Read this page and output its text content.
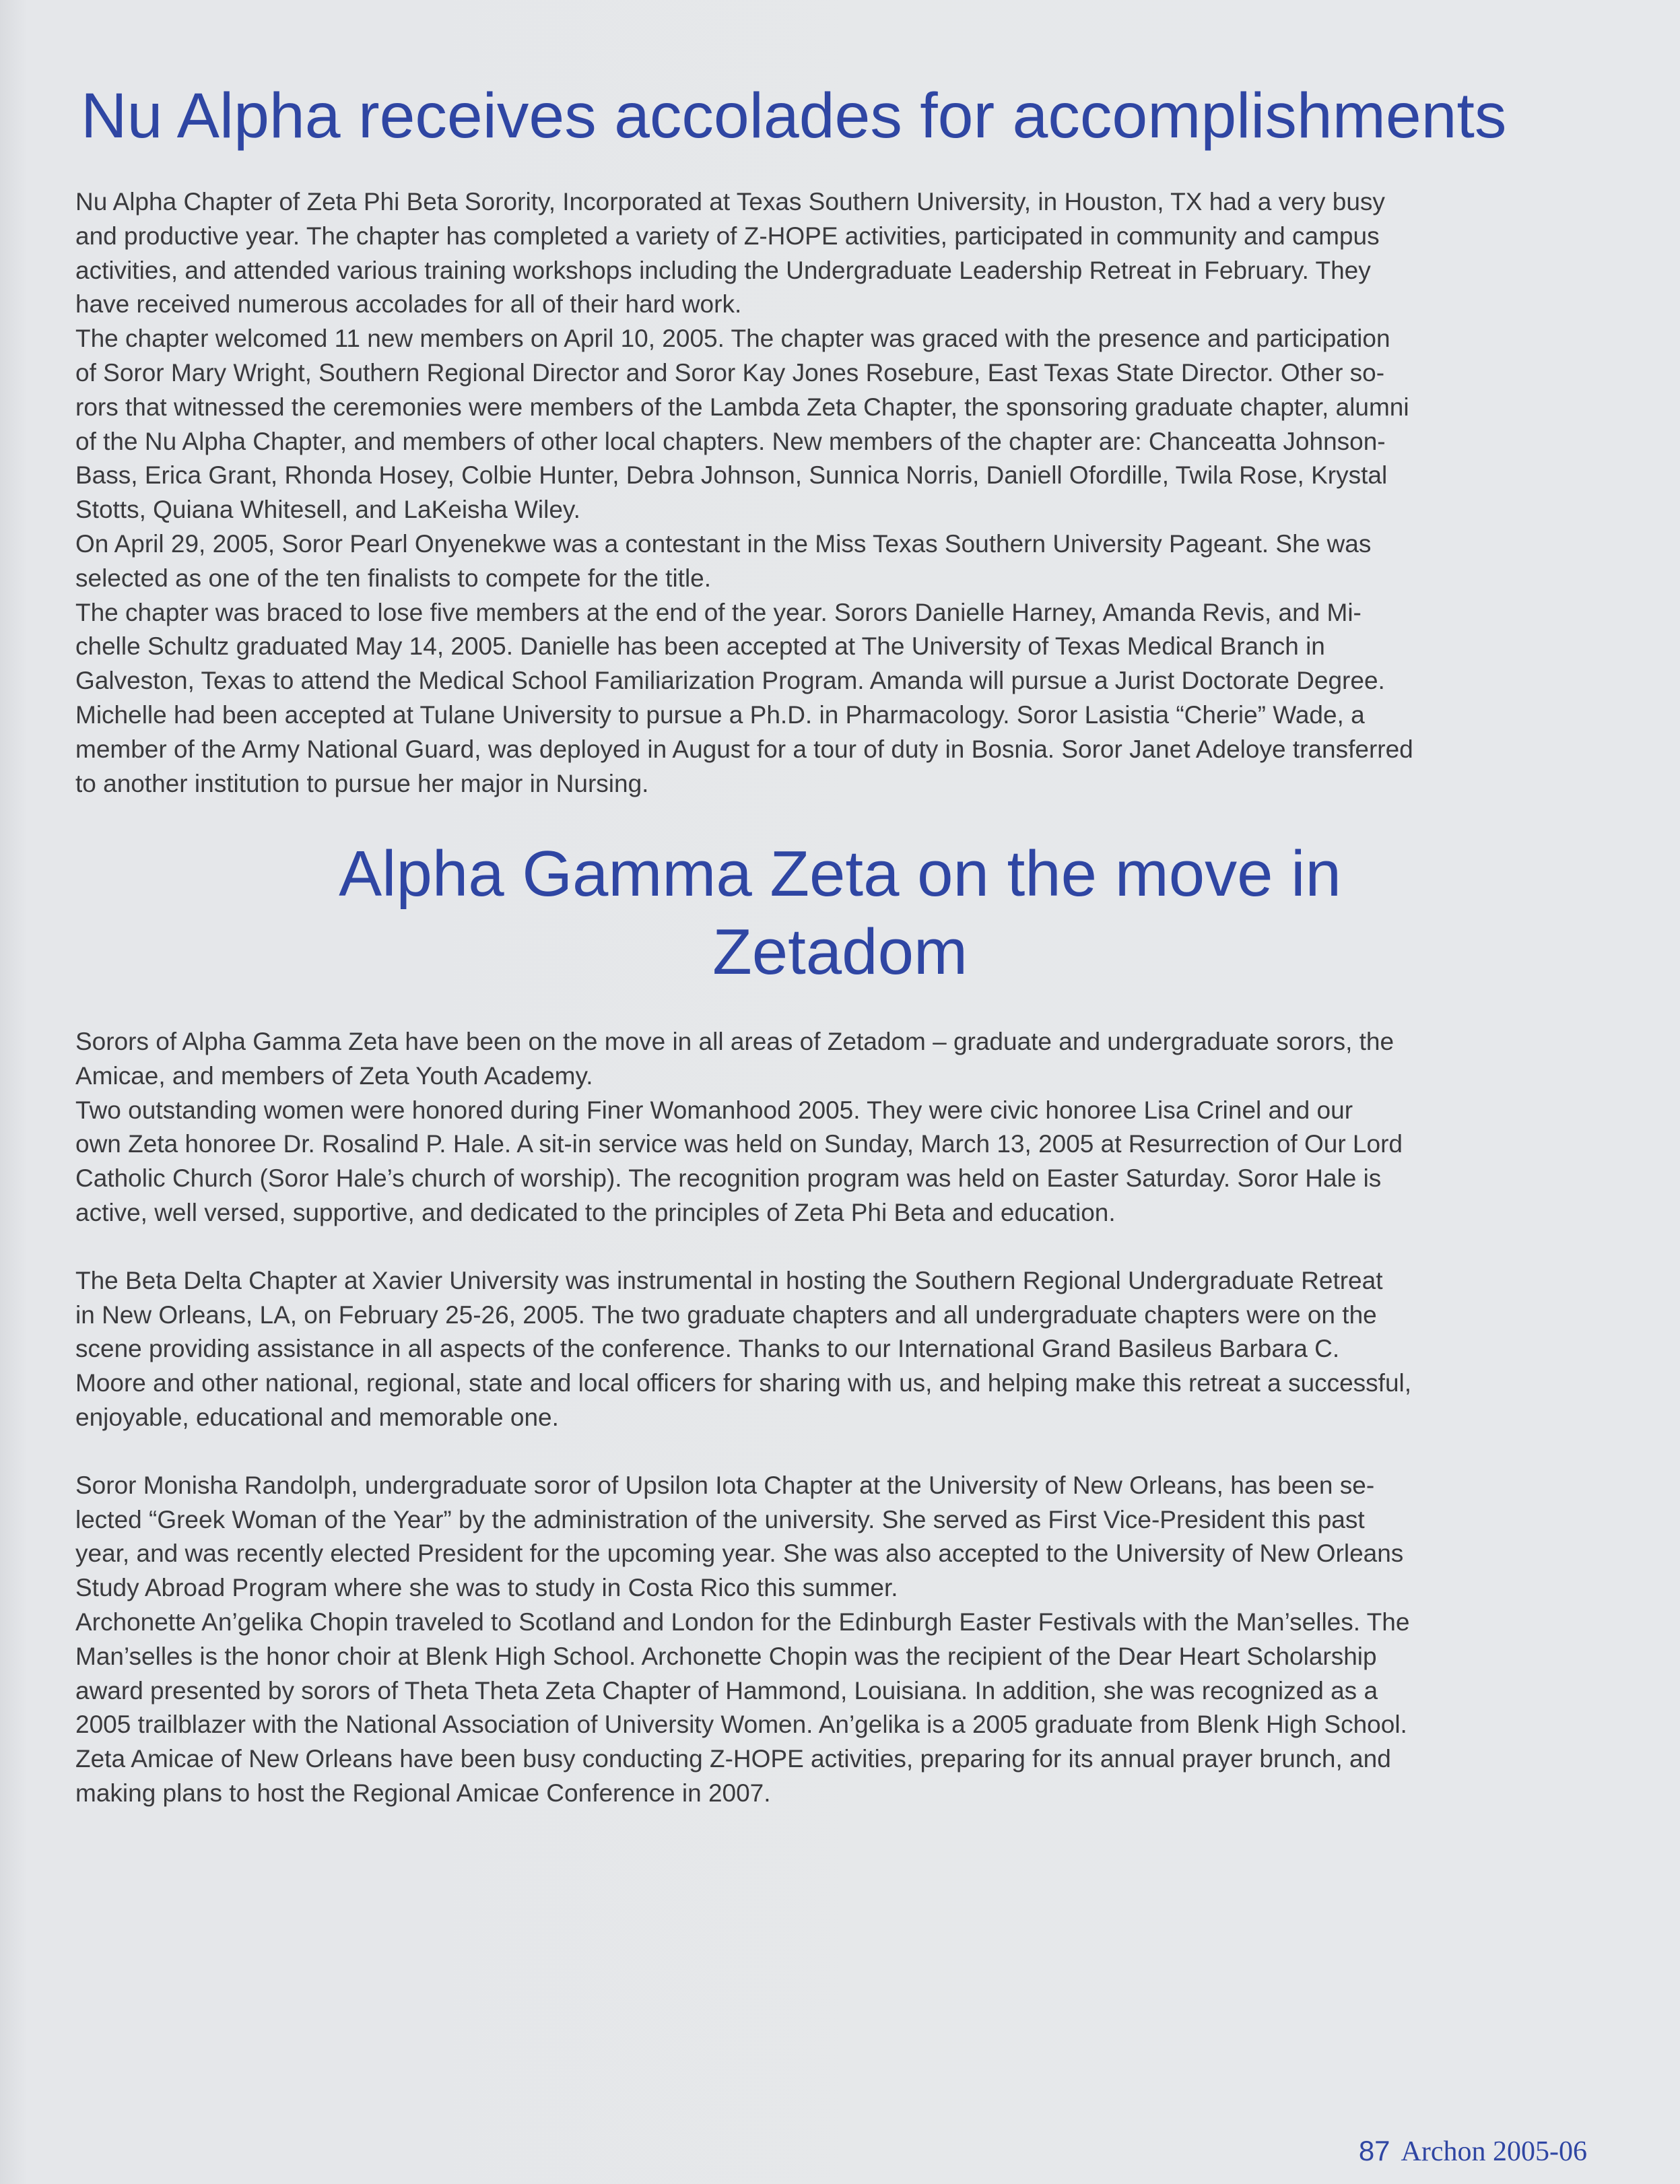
Nu Alpha receives accolades for accomplishments

Nu Alpha Chapter of Zeta Phi Beta Sorority, Incorporated at Texas Southern University, in Houston, TX had a very busy

and productive year. The chapter has completed a variety of Z-HOPE activities, participated in community and campus

activities, and attended various training workshops including the Undergraduate Leadership Retreat in February. They

have received numerous accolades for all of their hard work.

The chapter welcomed 11 new members on April 10, 2005. The chapter was graced with the presence and participation

of Soror Mary Wright, Southern Regional Director and Soror Kay Jones Rosebure, East Texas State Director. Other so-

rors that witnessed the ceremonies were members of the Lambda Zeta Chapter, the sponsoring graduate chapter, alumni

of the Nu Alpha Chapter, and members of other local chapters. New members of the chapter are: Chanceatta Johnson-

Bass, Erica Grant, Rhonda Hosey, Colbie Hunter, Debra Johnson, Sunnica Norris, Daniell Ofordille, Twila Rose, Krystal

Stotts, Quiana Whitesell, and LaKeisha Wiley.

On April 29, 2005, Soror Pearl Onyenekwe was a contestant in the Miss Texas Southern University Pageant. She was

selected as one of the ten finalists to compete for the title.

The chapter was braced to lose five members at the end of the year. Sorors Danielle Harney, Amanda Revis, and Mi-

chelle Schultz graduated May 14, 2005. Danielle has been accepted at The University of Texas Medical Branch in

Galveston, Texas to attend the Medical School Familiarization Program. Amanda will pursue a Jurist Doctorate Degree.

Michelle had been accepted at Tulane University to pursue a Ph.D. in Pharmacology. Soror Lasistia “Cherie” Wade, a

member of the Army National Guard, was deployed in August for a tour of duty in Bosnia. Soror Janet Adeloye transferred

to another institution to pursue her major in Nursing.

Alpha Gamma Zeta on the move in
Zetadom

Sorors of Alpha Gamma Zeta have been on the move in all areas of Zetadom – graduate and undergraduate sorors, the

Amicae, and members of Zeta Youth Academy.

Two outstanding women were honored during Finer Womanhood 2005. They were civic honoree Lisa Crinel and our

own Zeta honoree Dr. Rosalind P. Hale. A sit-in service was held on Sunday, March 13, 2005 at Resurrection of Our Lord

Catholic Church (Soror Hale’s church of worship). The recognition program was held on Easter Saturday. Soror Hale is

active, well versed, supportive, and dedicated to the principles of Zeta Phi Beta and education.

The Beta Delta Chapter at Xavier University was instrumental in hosting the Southern Regional Undergraduate Retreat

in New Orleans, LA, on February 25-26, 2005. The two graduate chapters and all undergraduate chapters were on the

scene providing assistance in all aspects of the conference. Thanks to our International Grand Basileus Barbara C.

Moore and other national, regional, state and local officers for sharing with us, and helping make this retreat a successful,

enjoyable, educational and memorable one.

Soror Monisha Randolph, undergraduate soror of Upsilon Iota Chapter at the University of New Orleans, has been se-

lected “Greek Woman of the Year” by the administration of the university. She served as First Vice-President this past

year, and was recently elected President for the upcoming year. She was also accepted to the University of New Orleans

Study Abroad Program where she was to study in Costa Rico this summer.

Archonette An’gelika Chopin traveled to Scotland and London for the Edinburgh Easter Festivals with the Man’selles. The

Man’selles is the honor choir at Blenk High School. Archonette Chopin was the recipient of the Dear Heart Scholarship

award presented by sorors of Theta Theta Zeta Chapter of Hammond, Louisiana. In addition, she was recognized as a

2005 trailblazer with the National Association of University Women. An’gelika is a 2005 graduate from Blenk High School.

Zeta Amicae of New Orleans have been busy conducting Z-HOPE activities, preparing for its annual prayer brunch, and

making plans to host the Regional Amicae Conference in 2007.

87 Archon 2005-06
